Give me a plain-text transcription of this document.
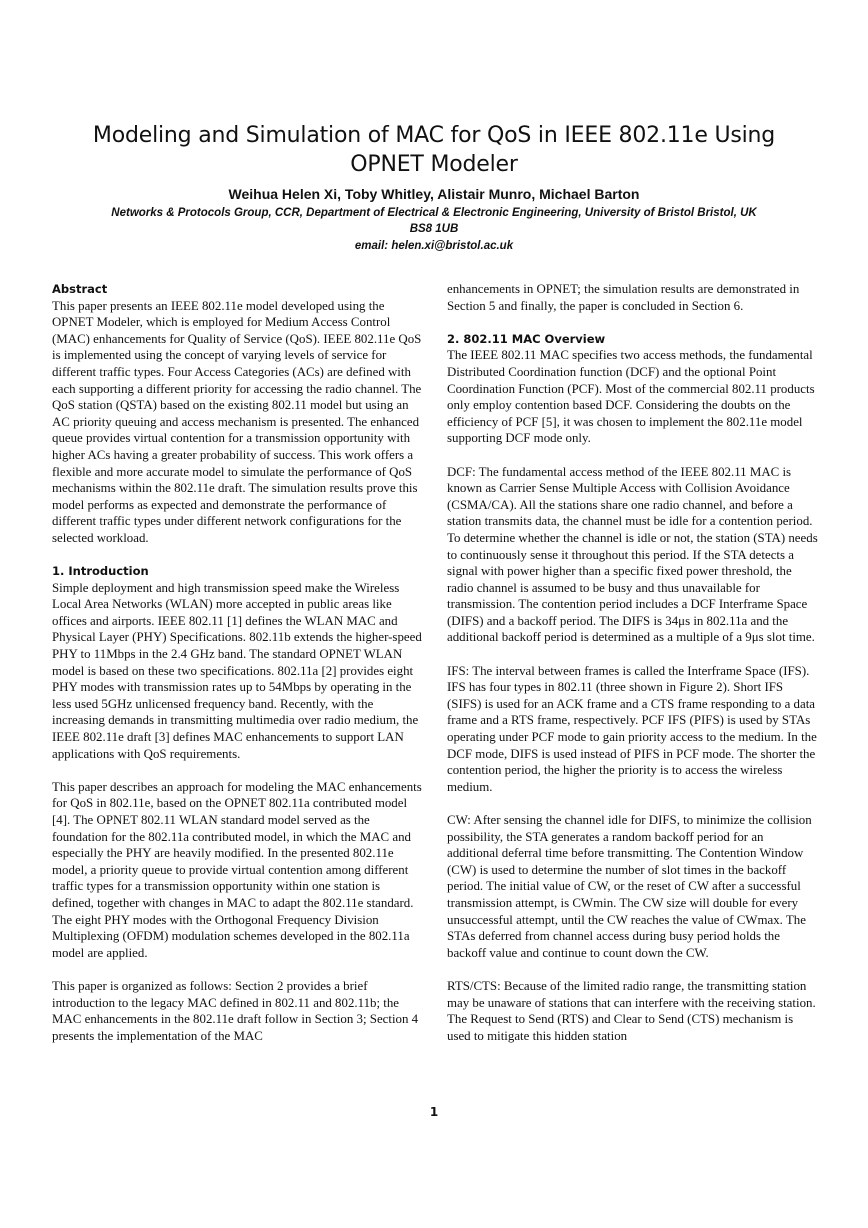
Modeling and Simulation of MAC for QoS in IEEE 802.11e Using OPNET Modeler

Weihua Helen Xi, Toby Whitley, Alistair Munro, Michael Barton

Networks & Protocols Group, CCR, Department of Electrical & Electronic Engineering, University of Bristol Bristol, UK BS8 1UB

email: helen.xi@bristol.ac.uk

Abstract

This paper presents an IEEE 802.11e model developed using the OPNET Modeler, which is employed for Medium Access Control (MAC) enhancements for Quality of Service (QoS). IEEE 802.11e QoS is implemented using the concept of varying levels of service for different traffic types. Four Access Categories (ACs) are defined with each supporting a different priority for accessing the radio channel. The QoS station (QSTA) based on the existing 802.11 model but using an AC priority queuing and access mechanism is presented. The enhanced queue provides virtual contention for a transmission opportunity with higher ACs having a greater probability of success. This work offers a flexible and more accurate model to simulate the performance of QoS mechanisms within the 802.11e draft. The simulation results prove this model performs as expected and demonstrate the performance of different traffic types under different network configurations for the selected workload.

1. Introduction

Simple deployment and high transmission speed make the Wireless Local Area Networks (WLAN) more accepted in public areas like offices and airports. IEEE 802.11 [1] defines the WLAN MAC and Physical Layer (PHY) Specifications. 802.11b extends the higher-speed PHY to 11Mbps in the 2.4 GHz band. The standard OPNET WLAN model is based on these two specifications. 802.11a [2] provides eight PHY modes with transmission rates up to 54Mbps by operating in the less used 5GHz unlicensed frequency band. Recently, with the increasing demands in transmitting multimedia over radio medium, the IEEE 802.11e draft [3] defines MAC enhancements to support LAN applications with QoS requirements.

This paper describes an approach for modeling the MAC enhancements for QoS in 802.11e, based on the OPNET 802.11a contributed model [4]. The OPNET 802.11 WLAN standard model served as the foundation for the 802.11a contributed model, in which the MAC and especially the PHY are heavily modified. In the presented 802.11e model, a priority queue to provide virtual contention among different traffic types for a transmission opportunity within one station is defined, together with changes in MAC to adapt the 802.11e standard. The eight PHY modes with the Orthogonal Frequency Division Multiplexing (OFDM) modulation schemes developed in the 802.11a model are applied.

This paper is organized as follows: Section 2 provides a brief introduction to the legacy MAC defined in 802.11 and 802.11b; the MAC enhancements in the 802.11e draft follow in Section 3; Section 4 presents the implementation of the MAC

enhancements in OPNET; the simulation results are demonstrated in Section 5 and finally, the paper is concluded in Section 6.

2. 802.11 MAC Overview

The IEEE 802.11 MAC specifies two access methods, the fundamental Distributed Coordination function (DCF) and the optional Point Coordination Function (PCF). Most of the commercial 802.11 products only employ contention based DCF. Considering the doubts on the efficiency of PCF [5], it was chosen to implement the 802.11e model supporting DCF mode only.

DCF: The fundamental access method of the IEEE 802.11 MAC is known as Carrier Sense Multiple Access with Collision Avoidance (CSMA/CA). All the stations share one radio channel, and before a station transmits data, the channel must be idle for a contention period. To determine whether the channel is idle or not, the station (STA) needs to continuously sense it throughout this period. If the STA detects a signal with power higher than a specific fixed power threshold, the radio channel is assumed to be busy and thus unavailable for transmission. The contention period includes a DCF Interframe Space (DIFS) and a backoff period. The DIFS is 34μs in 802.11a and the additional backoff period is determined as a multiple of a 9μs slot time.

IFS: The interval between frames is called the Interframe Space (IFS). IFS has four types in 802.11 (three shown in Figure 2). Short IFS (SIFS) is used for an ACK frame and a CTS frame responding to a data frame and a RTS frame, respectively. PCF IFS (PIFS) is used by STAs operating under PCF mode to gain priority access to the medium. In the DCF mode, DIFS is used instead of PIFS in PCF mode. The shorter the contention period, the higher the priority is to access the wireless medium.

CW: After sensing the channel idle for DIFS, to minimize the collision possibility, the STA generates a random backoff period for an additional deferral time before transmitting. The Contention Window (CW) is used to determine the number of slot times in the backoff period. The initial value of CW, or the reset of CW after a successful transmission attempt, is CWmin. The CW size will double for every unsuccessful attempt, until the CW reaches the value of CWmax. The STAs deferred from channel access during busy period holds the backoff value and continue to count down the CW.

RTS/CTS: Because of the limited radio range, the transmitting station may be unaware of stations that can interfere with the receiving station. The Request to Send (RTS) and Clear to Send (CTS) mechanism is used to mitigate this hidden station

1
